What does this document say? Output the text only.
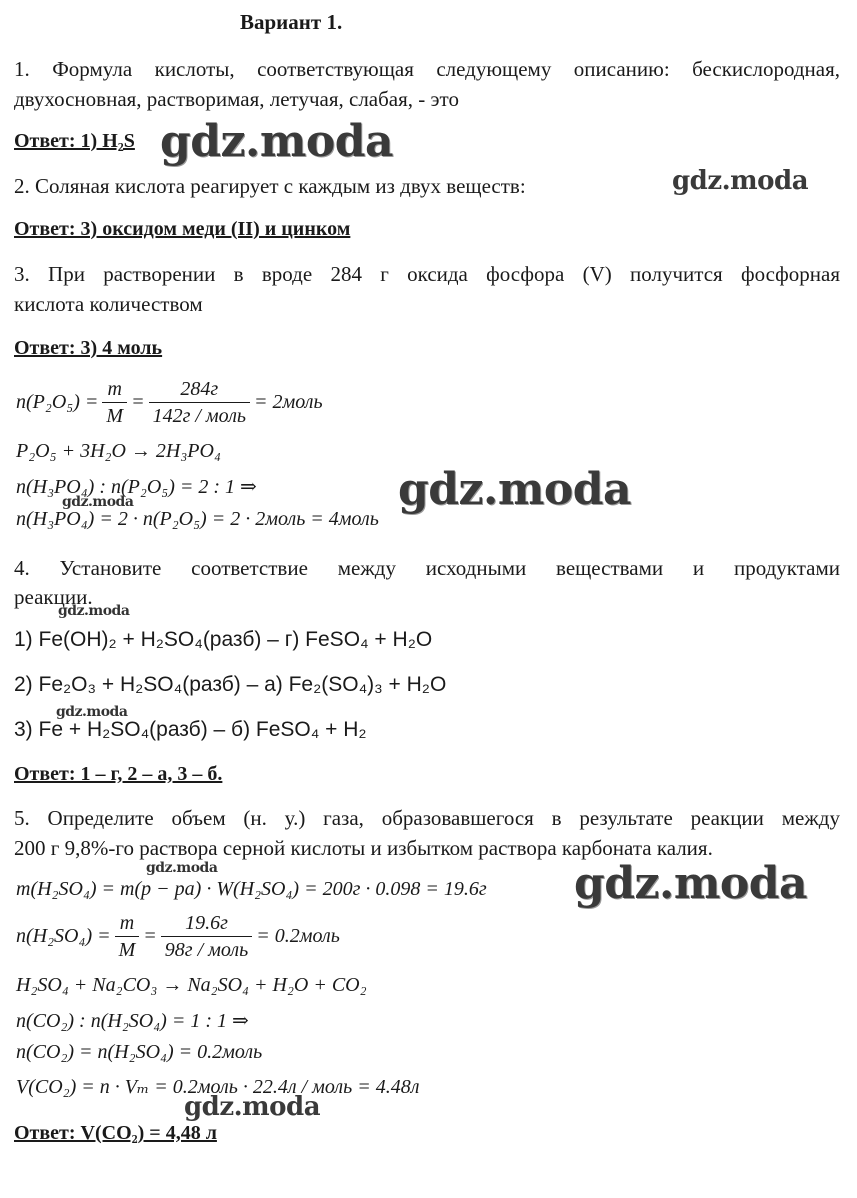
Вариант 1.
1. Формула кислоты, соответствующая следующему описанию: бескислородная,
двухосновная, растворимая, летучая, слабая, - это
Ответ: 1) H₂S gdz.moda
2. Соляная кислота реагирует с каждым из двух веществ:	gdz.moda
Ответ: 3) оксидом меди (II) и цинком
3. При растворении в вроде 284 г оксида фосфора (V) получится фосфорная
кислота количеством
Ответ: 3) 4 моль
$n(P_2O_5) = \frac{m}{M} = \frac{284г}{\text{142г / моль}}$ = 2моль
P₂O₅ + 3H₂O → 2H₃PO₄
n(H₃PO₄) : n(P₂O₅) = 2 : 1 ⇒
n(H₃PO₄) = 2 · n(P₂O₅) = 2 · 2моль = 4моль
gdz.moda
gdz.moda
4. Установите соответствие между исходными веществами и продуктами
реакции.
gdz.moda
1) Fe(OH)₂ + H₂SO₄(разб) – г) FeSO₄ + H₂O
2) Fe₂O₃ + H₂SO₄(разб) – а) Fe₂(SO₄)₃ + H₂O
gdz.moda
3) Fe + H₂SO₄(разб) – б) FeSO₄ + H₂
Ответ: 1 – г, 2 – а, 3 – б.
5. Определите объем (н. у.) газа, образовавшегося в результате реакции между
200 г 9,8%-го раствора серной кислоты и избытком раствора карбоната калия.
gdz.moda
m(H₂SO₄) = m(p − pa) · W(H₂SO₄) = 200г · 0.098 = 19.6г gdz.moda
$n(H_2SO_4) = \frac{m}{M} = \frac{19.6г}{\text{98г / моль}}$ = 0.2моль
H₂SO₄ + Na₂CO₃ → Na₂SO₄ + H₂O + CO₂
n(CO₂) : n(H₂SO₄) = 1 : 1 ⇒
n(CO₂) = n(H₂SO₄) = 0.2моль
V(CO₂) = n · Vₘ = 0.2моль · 22.4л / моль = 4.48л
gdz.moda
Ответ: V(CO₂) = 4,48 л
